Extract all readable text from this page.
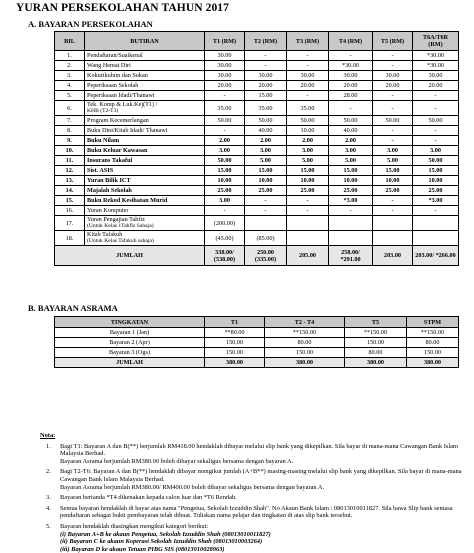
YURAN PERSEKOLAHAN TAHUN 2017
A. BAYARAN PERSEKOLAHAN
BIL	BUTIRAN	T1 (RM)	T2 (RM)	T3 (RM)	T4 (RM)	T5 (RM)	T6A/T6R (RM)
1.	Pendaftaran/Suaikenal	30.00	-	-	-	-	*30.00
2.	Wang Hemat Diri	30.00	-	-	*30.00	-	*30.00
3.	Kokurikulum dan Sukan	30.00	30.00	30.00	30.00	30.00	30.00
4.	Peperiksaan Sekolah	20.00	20.00	20.00	20.00	20.00	20.00
5.	Peperiksaan Idadi/Thanawi	-	15.00	-	28.00	-	-
6.	Tek. Komp & Luk.Kej(T1) /
KHB (T2-T3)	35.00	35.00	35.00	-	-	-
7.	Program Kecemerlangan	50.00	50.00	50.00	50.00	50.00	50.00
8.	Buku Dini/Kitab Idadi/ Thanawi	-	40.00	10.00	40.00	-	-
9.	Buku Nilam	2.00	2.00	2.00	2.00	-	-
10.	Buku Keluar Kawasan	3.00	3.00	3.00	3.00	3.00	3.00
11.	Insurans Takaful	50.00	5.00	5.00	5.00	5.00	50.00
12.	Sist. ASIS	15.00	15.00	15.00	15.00	15.00	15.00
13.	Yuran Bilik ICT	10.00	10.00	10.00	10.00	10.00	10.00
14.	Majalah Sekolah	25.00	25.00	25.00	25.00	25.00	25.00
15.	Buku Rekod Kesihatan Murid	3.00	-	-	*3.00	-	*3.00
16.	Yuran Komputer	-	-	-	-	-	-
17.	Yuran Pengajian Tahfiz
(Untuk Kelas 1Tahfiz Sahaja)	(200.00)					
18.	Kitab Tafakuh
(Untuk Kelas Tafakuh sahaja)	(45.00)	(85.00)				
JUMLAH		338.00/ (538.00)	250.00 (335.00)	205.00	258.00/ *291.00	203.00	203.00/ *266.00
B. BAYARAN ASRAMA
TINGKATAN	T1	T2 - T4	T5	STPM
Bayaran 1 (Jan)	**80.00	**150.00	**150.00	**150.00
Bayaran 2 (Apr)	150.00	80.00	150.00	80.00
Bayaran 3 (Ogs)	150.00	150.00	80.00	150.00
JUMLAH	380.00	380.00	380.00	380.00
Nota:
1. Bagi T1: Bayaran A dan B(**) berjumlah RM418.00 hendaklah dibayar melalui slip bank yang dikepilkan. Sila bayar di mana-mana Cawangan Bank Islam Malaysia Berhad.
Bayaran Asrama berjumlah RM380.00 boleh dibayar sekaligus bersama dengan bayaran A.
2. Bagi T2-T6: Bayaran A dan B(**) hendaklah dibayar mengikut jumlah (A+B**) masing-masing melalui slip bank yang dikepilkan. Sila bayar di mana-mana Cawangan Bank Islam Malaysia Berhad.
Bayaran Asrama berjumlah RM380.00/ RM400.00 boleh dibayar sekaligus bersama dengan bayaran A.
3. Bayaran bertanda *T4 dikenakan kepada calon luar dan *T6 Rendah.
4. Semua bayaran hendaklah di bayar atas nama "Pengetua, Sekolah Izzuddin Shah". No Akaun Bank Islam : 08013010011827. Sila bawa Slip bank semasa pendaftaran sebagai bukti pembayaran telah dibuat. Tuliskan nama pelajar dan tingkatan di atas slip bank tersebut.
5. Bayaran hendaklah diasingkan mengikut kategori berikut:
(i) Bayaran A+B ke akaun Pengetua, Sekolah Izzuddin Shah (08013010011827)
(ii) Bayaran C ke akaun Koperasi Sekolah Izzuddin Shah (08013010003264)
(iii) Bayaran D ke akaun Tetuan PIBG SIS (08013010028963)
